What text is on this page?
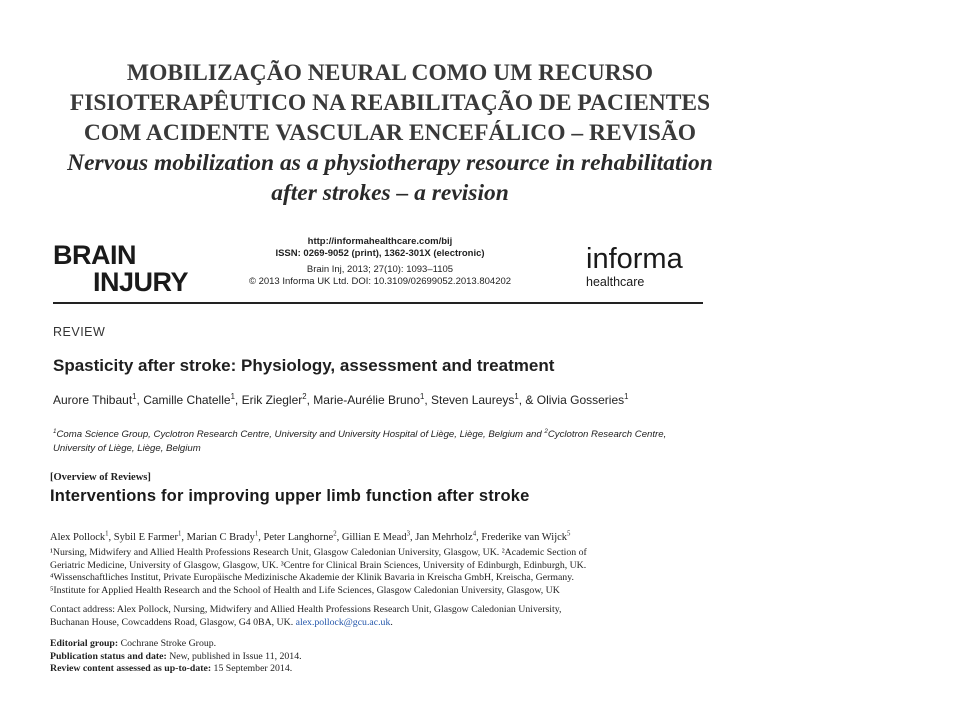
MOBILIZAÇÃO NEURAL COMO UM RECURSO
FISIOTERAPÊUTICO NA REABILITAÇÃO DE PACIENTES
COM ACIDENTE VASCULAR ENCEFÁLICO – REVISÃO
Nervous mobilization as a physiotherapy resource in rehabilitation
after strokes – a revision
BRAIN
INJURY
http://informahealthcare.com/bij
ISSN: 0269-9052 (print), 1362-301X (electronic)
Brain Inj, 2013; 27(10): 1093–1105
© 2013 Informa UK Ltd. DOI: 10.3109/02699052.2013.804202
informa
healthcare
REVIEW
Spasticity after stroke: Physiology, assessment and treatment
Aurore Thibaut$^1$, Camille Chatelle$^1$, Erik Ziegler$^2$, Marie-Aurélie Bruno$^1$, Steven Laureys$^1$, & Olivia Gosseries$^1$
$^1$Coma Science Group, Cyclotron Research Centre, University and University Hospital of Liège, Liège, Belgium and $^2$Cyclotron Research Centre, University of Liège, Liège, Belgium
[Overview of Reviews]
Interventions for improving upper limb function after stroke
Alex Pollock$^1$, Sybil E Farmer$^1$, Marian C Brady$^1$, Peter Langhorne$^2$, Gillian E Mead$^3$, Jan Mehrholz$^4$, Frederike van Wijck$^5$
¹Nursing, Midwifery and Allied Health Professions Research Unit, Glasgow Caledonian University, Glasgow, UK. ²Academic Section of
Geriatric Medicine, University of Glasgow, Glasgow, UK. ³Centre for Clinical Brain Sciences, University of Edinburgh, Edinburgh, UK.
⁴Wissenschaftliches Institut, Private Europäische Medizinische Akademie der Klinik Bavaria in Kreischa GmbH, Kreischa, Germany.
⁵Institute for Applied Health Research and the School of Health and Life Sciences, Glasgow Caledonian University, Glasgow, UK
Contact address: Alex Pollock, Nursing, Midwifery and Allied Health Professions Research Unit, Glasgow Caledonian University,
Buchanan House, Cowcaddens Road, Glasgow, G4 0BA, UK. alex.pollock@gcu.ac.uk.
Editorial group: Cochrane Stroke Group.
Publication status and date: New, published in Issue 11, 2014.
Review content assessed as up-to-date: 15 September 2014.
